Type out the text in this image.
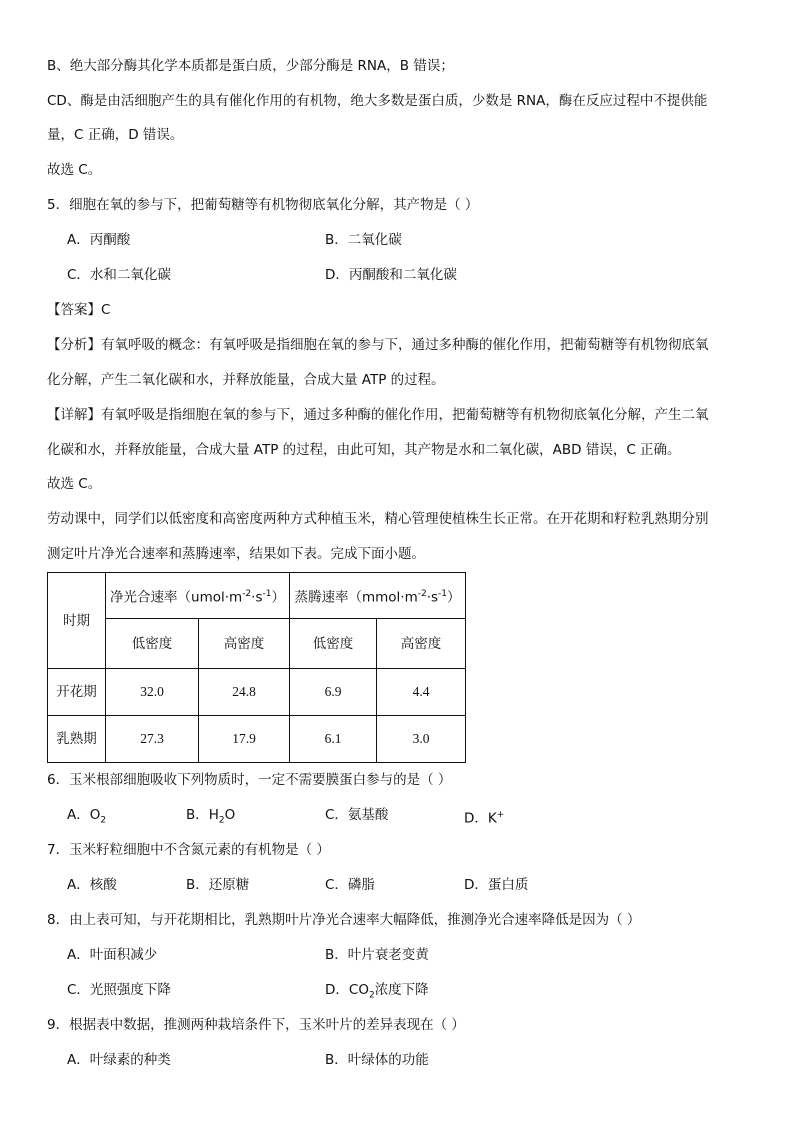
B、绝大部分酶其化学本质都是蛋白质，少部分酶是 RNA，B 错误；
CD、酶是由活细胞产生的具有催化作用的有机物，绝大多数是蛋白质，少数是 RNA，酶在反应过程中不提供能
量，C 正确，D 错误。
故选 C。
5．细胞在氧的参与下，把葡萄糖等有机物彻底氧化分解，其产物是（ ）
A．丙酮酸	B．二氧化碳
C．水和二氧化碳	D．丙酮酸和二氧化碳
【答案】C
【分析】有氧呼吸的概念：有氧呼吸是指细胞在氧的参与下，通过多种酶的催化作用，把葡萄糖等有机物彻底氧
化分解，产生二氧化碳和水，并释放能量，合成大量 ATP 的过程。
【详解】有氧呼吸是指细胞在氧的参与下，通过多种酶的催化作用，把葡萄糖等有机物彻底氧化分解，产生二氧
化碳和水，并释放能量，合成大量 ATP 的过程，由此可知，其产物是水和二氧化碳，ABD 错误，C 正确。
故选 C。
劳动课中，同学们以低密度和高密度两种方式种植玉米，精心管理使植株生长正常。在开花期和籽粒乳熟期分别
测定叶片净光合速率和蒸腾速率，结果如下表。完成下面小题。
时期	净光合速率$(umol\cdot m^{-2}\cdot s^{-1})$		蒸腾速率$(mmol\cdot m^{-2}\cdot s^{-1})$	
	低密度	高密度	低密度	高密度
开花期	32.0	24.8	6.9	4.4
乳熟期	27.3	17.9	6.1	3.0
6．玉米根部细胞吸收下列物质时，一定不需要膜蛋白参与的是（ ）
A．$O_2$	B．$H_2O$	C．氨基酸	D．K+
7．玉米籽粒细胞中不含氮元素的有机物是（ ）
A．核酸	B．还原糖	C．磷脂	D．蛋白质
8．由上表可知，与开花期相比，乳熟期叶片净光合速率大幅降低，推测净光合速率降低是因为（ ）
A．叶面积减少	B．叶片衰老变黄
C．光照强度下降	D．$CO_2$浓度下降
9．根据表中数据，推测两种栽培条件下，玉米叶片的差异表现在（ ）
A．叶绿素的种类	B．叶绿体的功能
